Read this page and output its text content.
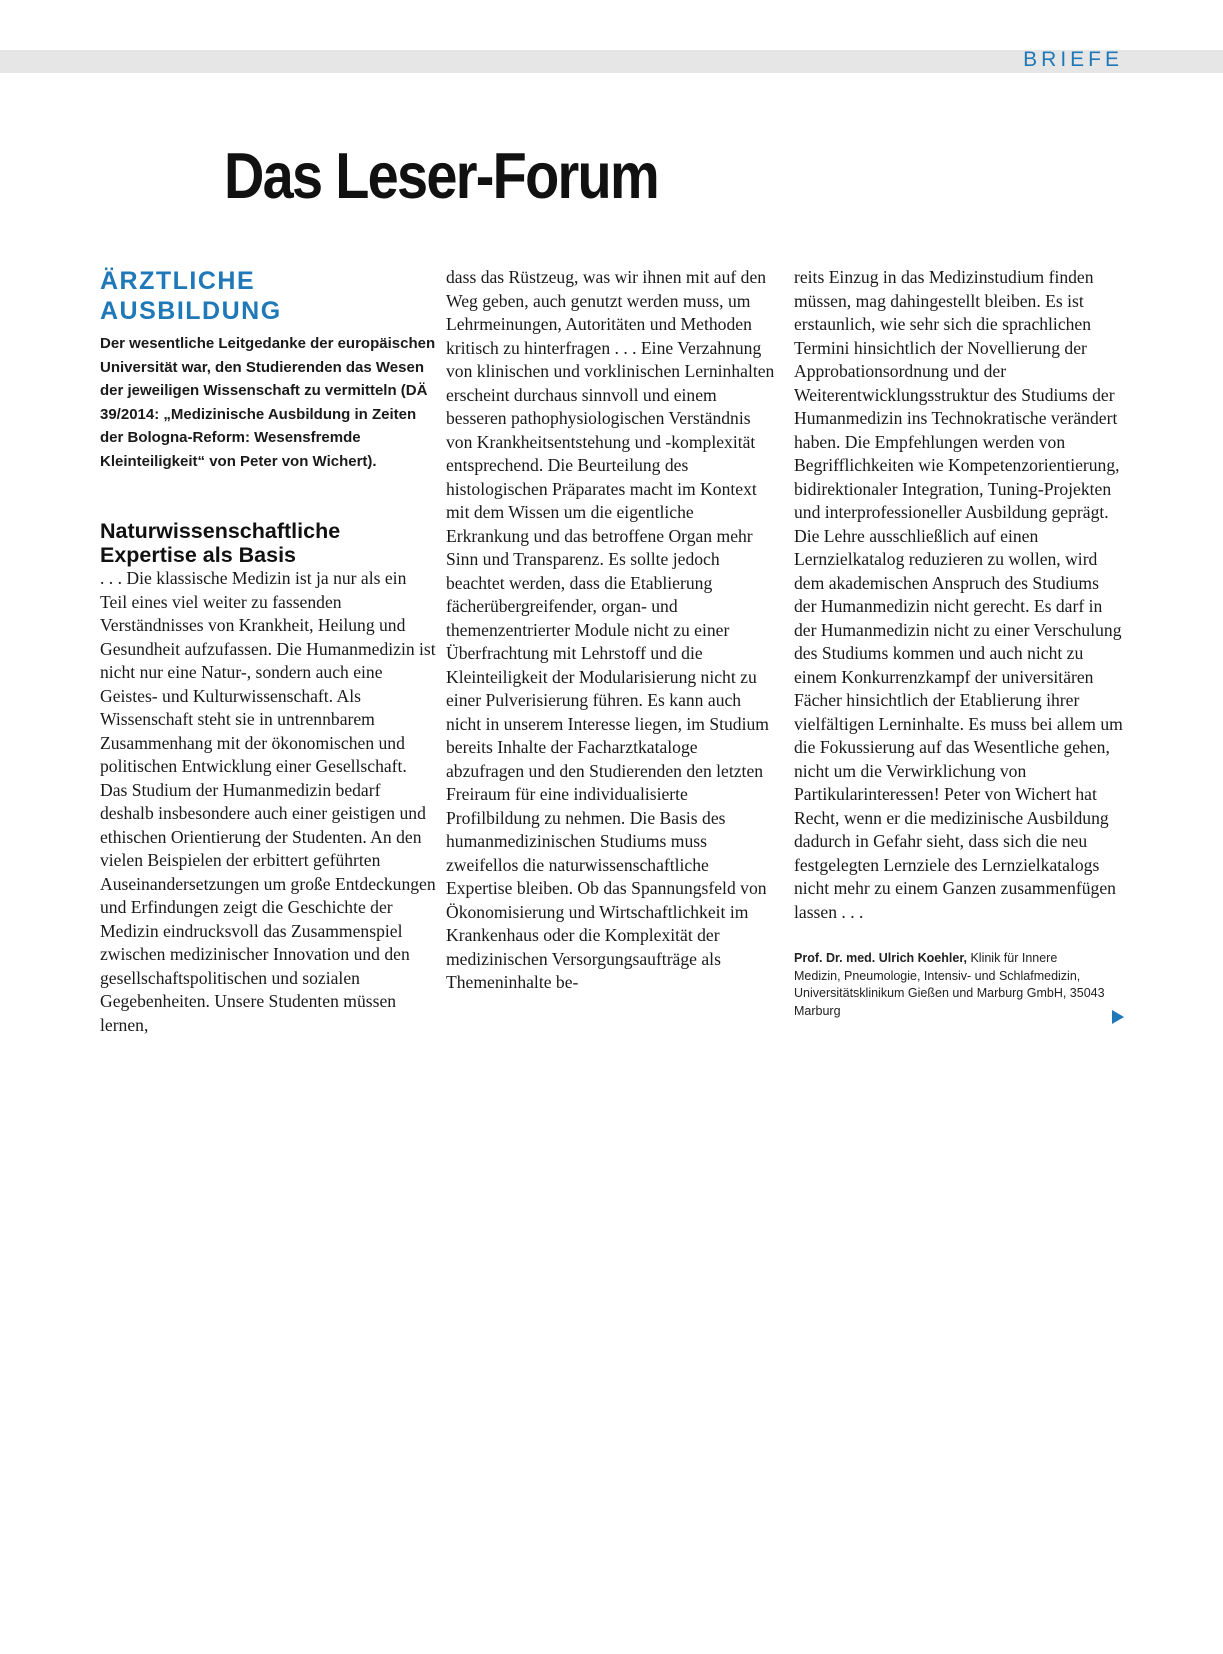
BRIEFE
Das Leser-Forum
ÄRZTLICHE AUSBILDUNG

Der wesentliche Leitgedanke der europäischen Universität war, den Studierenden das Wesen der jeweiligen Wissenschaft zu vermitteln (DÄ 39/2014: „Medizinische Ausbildung in Zeiten der Bologna-Reform: Wesensfremde Kleinteiligkeit“ von Peter von Wichert).

Naturwissenschaftliche Expertise als Basis

. . . Die klassische Medizin ist ja nur als ein Teil eines viel weiter zu fassenden Verständnisses von Krankheit, Heilung und Gesundheit aufzufassen. Die Humanmedizin ist nicht nur eine Natur-, sondern auch eine Geistes- und Kulturwissenschaft. Als Wissenschaft steht sie in untrennbarem Zusammenhang mit der ökonomischen und politischen Entwicklung einer Gesellschaft. Das Studium der Humanmedizin bedarf deshalb insbesondere auch einer geistigen und ethischen Orientierung der Studenten. An den vielen Beispielen der erbittert geführten Auseinandersetzungen um große Entdeckungen und Erfindungen zeigt die Geschichte der Medizin eindrucksvoll das Zusammenspiel zwischen medizinischer Innovation und den gesellschaftspolitischen und sozialen Gegebenheiten. Unsere Studenten müssen lernen,

dass das Rüstzeug, was wir ihnen mit auf den Weg geben, auch genutzt werden muss, um Lehrmeinungen, Autoritäten und Methoden kritisch zu hinterfragen . . . Eine Verzahnung von klinischen und vorklinischen Lerninhalten erscheint durchaus sinnvoll und einem besseren pathophysiologischen Verständnis von Krankheitsentstehung und -komplexität entsprechend. Die Beurteilung des histologischen Präparates macht im Kontext mit dem Wissen um die eigentliche Erkrankung und das betroffene Organ mehr Sinn und Transparenz. Es sollte jedoch beachtet werden, dass die Etablierung fächerübergreifender, organ- und themenzentrierter Module nicht zu einer Überfrachtung mit Lehrstoff und die Kleinteiligkeit der Modularisierung nicht zu einer Pulverisierung führen. Es kann auch nicht in unserem Interesse liegen, im Studium bereits Inhalte der Facharztkataloge abzufragen und den Studierenden den letzten Freiraum für eine individualisierte Profilbildung zu nehmen. Die Basis des humanmedizinischen Studiums muss zweifellos die naturwissenschaftliche Expertise bleiben. Ob das Spannungsfeld von Ökonomisierung und Wirtschaftlichkeit im Krankenhaus oder die Komplexität der medizinischen Versorgungsaufträge als Themeninhalte be-

reits Einzug in das Medizinstudium finden müssen, mag dahingestellt bleiben. Es ist erstaunlich, wie sehr sich die sprachlichen Termini hinsichtlich der Novellierung der Approbationsordnung und der Weiterentwicklungsstruktur des Studiums der Humanmedizin ins Technokratische verändert haben. Die Empfehlungen werden von Begrifflichkeiten wie Kompetenzorientierung, bidirektionaler Integration, Tuning-Projekten und interprofessioneller Ausbildung geprägt. Die Lehre ausschließlich auf einen Lernzielkatalog reduzieren zu wollen, wird dem akademischen Anspruch des Studiums der Humanmedizin nicht gerecht. Es darf in der Humanmedizin nicht zu einer Verschulung des Studiums kommen und auch nicht zu einem Konkurrenzkampf der universitären Fächer hinsichtlich der Etablierung ihrer vielfältigen Lerninhalte. Es muss bei allem um die Fokussierung auf das Wesentliche gehen, nicht um die Verwirklichung von Partikularinteressen! Peter von Wichert hat Recht, wenn er die medizinische Ausbildung dadurch in Gefahr sieht, dass sich die neu festgelegten Lernziele des Lernzielkatalogs nicht mehr zu einem Ganzen zusammenfügen lassen . . .

Prof. Dr. med. Ulrich Koehler, Klinik für Innere Medizin, Pneumologie, Intensiv- und Schlafmedizin, Universitätsklinikum Gießen und Marburg GmbH, 35043 Marburg
